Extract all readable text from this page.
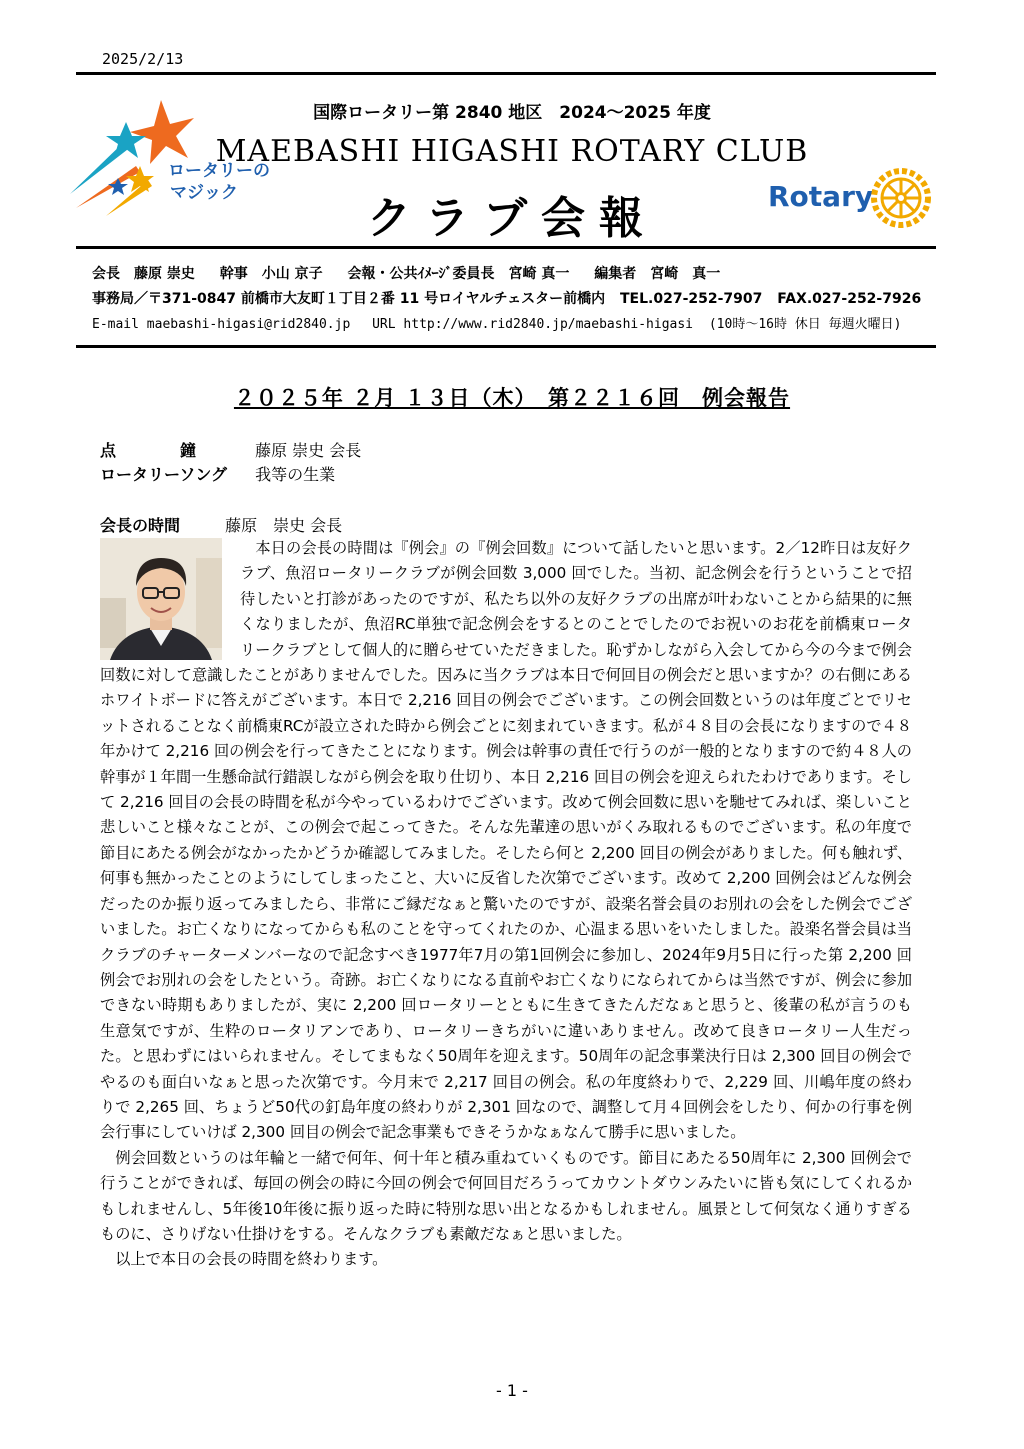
2025/2/13
ロータリーの
マジック
国際ロータリー第 2840 地区　2024～2025 年度
MAEBASHI HIGASHI ROTARY CLUB
クラブ会報	Rotary
会長　藤原 崇史 幹事　小山 京子 会報・公共ｲﾒｰｼﾞ委員長　宮崎 真一 編集者　宮崎　真一
事務局／〒371-0847 前橋市大友町１丁目２番 11 号ロイヤルチェスター前橋内 TEL.027-252-7907 FAX.027-252-7926
E-mail maebashi-higasi@rid2840.jp URL http://www.rid2840.jp/maebashi-higasi (10時～16時 休日 毎週火曜日)
２０２５年 ２月 １３日（木）　第２２１６回　例会報告
点　　　　鐘	藤原 崇史 会長
ロータリーソング 我等の生業
会長の時間	藤原　崇史 会長

　本日の会長の時間は『例会』の『例会回数』について話したいと思います。2／12昨日は友好クラブ、魚沼ロータリークラブが例会回数 3,000 回でした。当初、記念例会を行うということで招待したいと打診があったのですが、私たち以外の友好クラブの出席が叶わないことから結果的に無くなりましたが、魚沼RC単独で記念例会をするとのことでしたのでお祝いのお花を前橋東ロータリークラブとして個人的に贈らせていただきました。恥ずかしながら入会してから今の今まで例会回数に対して意識したことがありませんでした。因みに当クラブは本日で何回目の例会だと思いますか？の右側にあるホワイトボードに答えがございます。本日で 2,216 回目の例会でございます。この例会回数というのは年度ごとでリセットされることなく前橋東RCが設立された時から例会ごとに刻まれていきます。私が４８目の会長になりますので４８年かけて 2,216 回の例会を行ってきたことになります。例会は幹事の責任で行うのが一般的となりますので約４８人の幹事が１年間一生懸命試行錯誤しながら例会を取り仕切り、本日 2,216 回目の例会を迎えられたわけであります。そして 2,216 回目の会長の時間を私が今やっているわけでございます。改めて例会回数に思いを馳せてみれば、楽しいこと悲しいこと様々なことが、この例会で起こってきた。そんな先輩達の思いがくみ取れるものでございます。私の年度で節目にあたる例会がなかったかどうか確認してみました。そしたら何と 2,200 回目の例会がありました。何も触れず、何事も無かったことのようにしてしまったこと、大いに反省した次第でございます。改めて 2,200 回例会はどんな例会だったのか振り返ってみましたら、非常にご縁だなぁと驚いたのですが、設楽名誉会員のお別れの会をした例会でございました。お亡くなりになってからも私のことを守ってくれたのか、心温まる思いをいたしました。設楽名誉会員は当クラブのチャーターメンバーなので記念すべき1977年7月の第1回例会に参加し、2024年9月5日に行った第 2,200 回例会でお別れの会をしたという。奇跡。お亡くなりになる直前やお亡くなりになられてからは当然ですが、例会に参加できない時期もありましたが、実に 2,200 回ロータリーとともに生きてきたんだなぁと思うと、後輩の私が言うのも生意気ですが、生粋のロータリアンであり、ロータリーきちがいに違いありません。改めて良きロータリー人生だった。と思わずにはいられません。そしてまもなく50周年を迎えます。50周年の記念事業決行日は 2,300 回目の例会でやるのも面白いなぁと思った次第です。今月末で 2,217 回目の例会。私の年度終わりで、2,229 回、川嶋年度の終わりで 2,265 回、ちょうど50代の釘島年度の終わりが 2,301 回なので、調整して月４回例会をしたり、何かの行事を例会行事にしていけば 2,300 回目の例会で記念事業もできそうかなぁなんて勝手に思いました。

　例会回数というのは年輪と一緒で何年、何十年と積み重ねていくものです。節目にあたる50周年に 2,300 回例会で行うことができれば、毎回の例会の時に今回の例会で何回目だろうってカウントダウンみたいに皆も気にしてくれるかもしれませんし、5年後10年後に振り返った時に特別な思い出となるかもしれません。風景として何気なく通りすぎるものに、さりげない仕掛けをする。そんなクラブも素敵だなぁと思いました。

　以上で本日の会長の時間を終わります。

- 1 -
